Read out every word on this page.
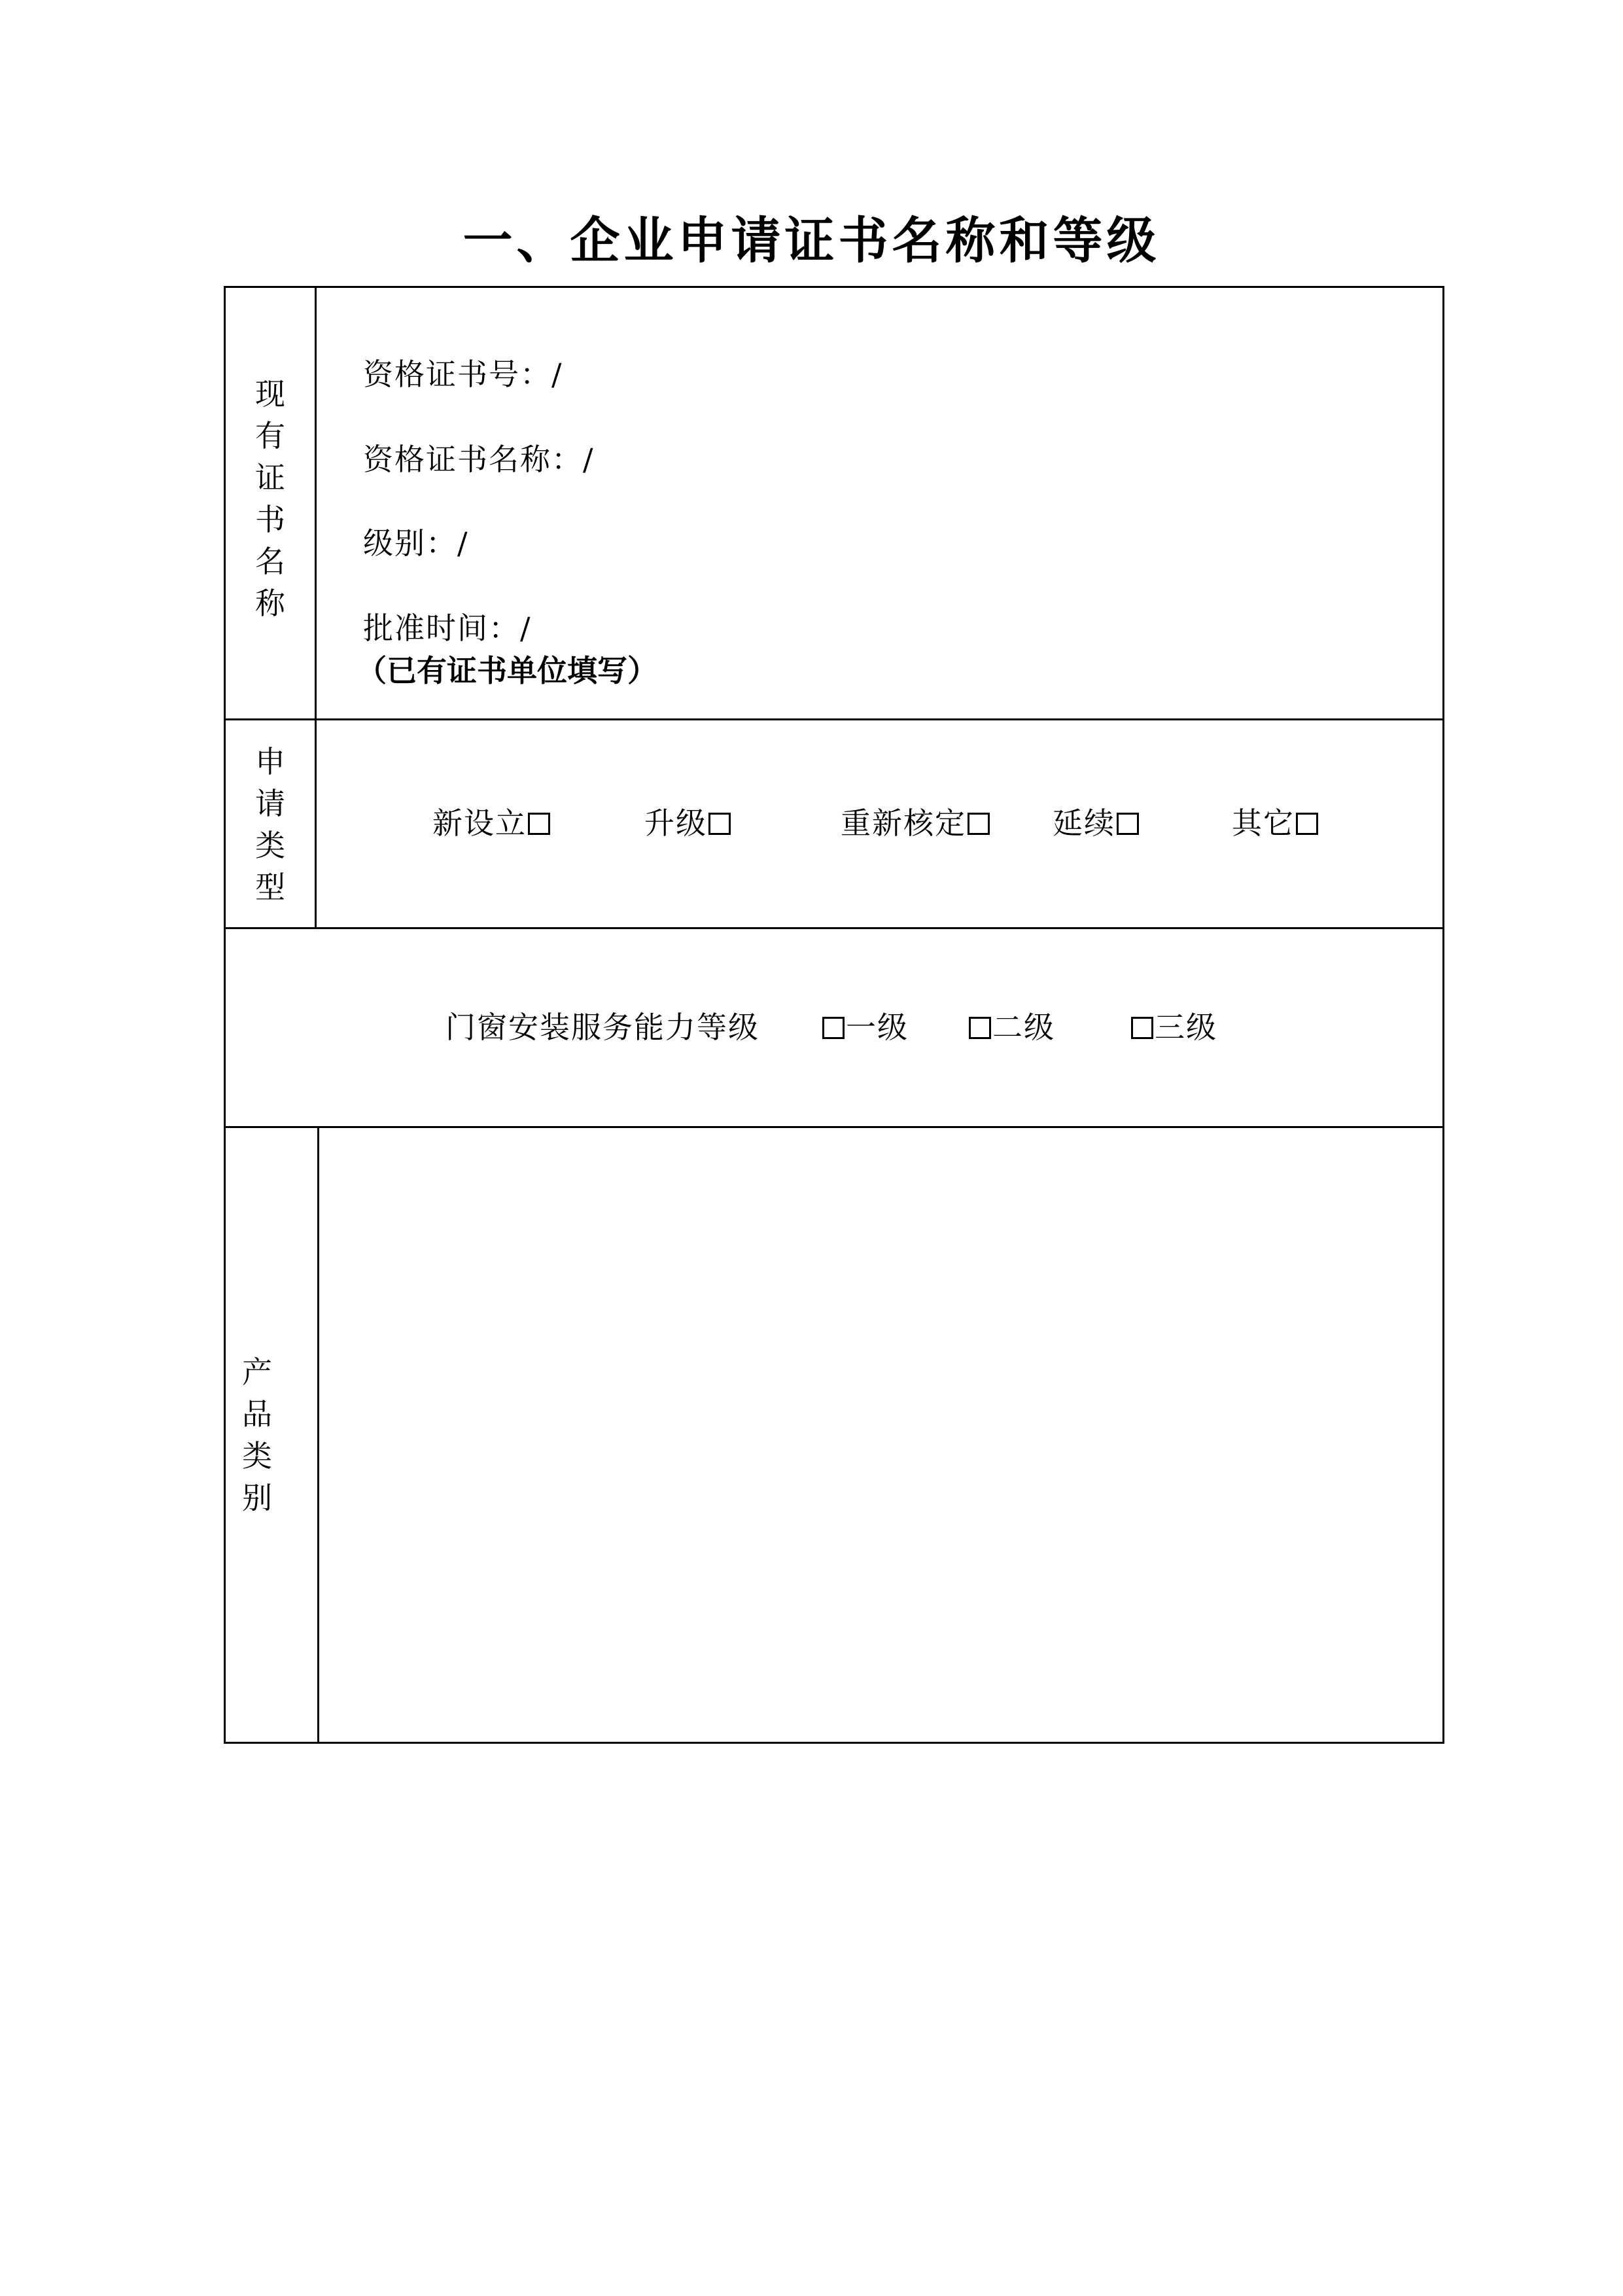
一、企业申请证书名称和等级
现
有
证
书
名
称
资格证书号：/
资格证书名称：/
级别：/
批准时间：/
（已有证书单位填写）
申
请
类
型
新设立	升级	重新核定	延续	其它
门窗安装服务能力等级	一级	二级	三级
产
品
类
别
